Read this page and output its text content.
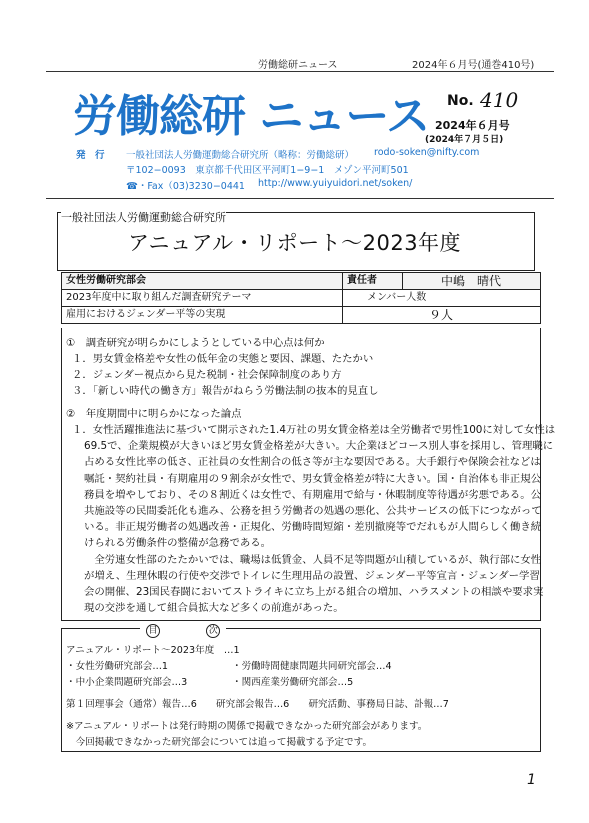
労働総研ニュース	2024年６月号(通巻410号)
労働総研 ニュース No. 410
2024年６月号
(2024年７月５日)
発　行 一般社団法人労働運動総合研究所（略称：労働総研） rodo-soken@nifty.com
〒102−0093　東京都千代田区平河町1−9−1　メゾン平河町501
☎・Fax（03)3230−0441 http://www.yuiyuidori.net/soken/
一般社団法人労働運動総合研究所
アニュアル・リポート〜2023年度
女性労働研究部会	責任者	中嶋　晴代
2023年度中に取り組んだ調査研究テーマ	メンバー人数
雇用におけるジェンダー平等の実現	９人
①　調査研究が明らかにしようとしている中心点は何か
１．男女賃金格差や女性の低年金の実態と要因、課題、たたかい
２．ジェンダー視点から見た税制・社会保障制度のあり方
３．「新しい時代の働き方」報告がねらう労働法制の抜本的見直し
②　年度期間中に明らかになった論点
１．女性活躍推進法に基づいて開示された1.4万社の男女賃金格差は全労働者で男性100に対して女性は
69.5で、企業規模が大きいほど男女賃金格差が大きい。大企業ほどコース別人事を採用し、管理職に
占める女性比率の低さ、正社員の女性割合の低さ等が主な要因である。大手銀行や保険会社などは
嘱託・契約社員・有期雇用の９割余が女性で、男女賃金格差が特に大きい。国・自治体も非正規公
務員を増やしており、その８割近くは女性で、有期雇用で給与・休暇制度等待遇が劣悪である。公
共施設等の民間委託化も進み、公務を担う労働者の処遇の悪化、公共サービスの低下につながって
いる。非正規労働者の処遇改善・正規化、労働時間短縮・差別撤廃等でだれもが人間らしく働き続
けられる労働条件の整備が急務である。
　全労連女性部のたたかいでは、職場は低賃金、人員不足等問題が山積しているが、執行部に女性
が増え、生理休暇の行使や交渉でトイレに生理用品の設置、ジェンダー平等宣言・ジェンダー学習
会の開催、23国民春闘においてストライキに立ち上がる組合の増加、ハラスメントの相談や要求実
現の交渉を通して組合員拡大など多くの前進があった。
目	次
アニュアル・リポート〜2023年度　…1
・女性労働研究部会…1	・労働時間健康問題共同研究部会…4
・中小企業問題研究部会…3	・関西産業労働研究部会…5
第１回理事会（通常）報告…6　　研究部会報告…6　　研究活動、事務局日誌、訃報…7
※アニュアル・リポートは発行時期の関係で掲載できなかった研究部会があります。
　今回掲載できなかった研究部会については追って掲載する予定です。
1
